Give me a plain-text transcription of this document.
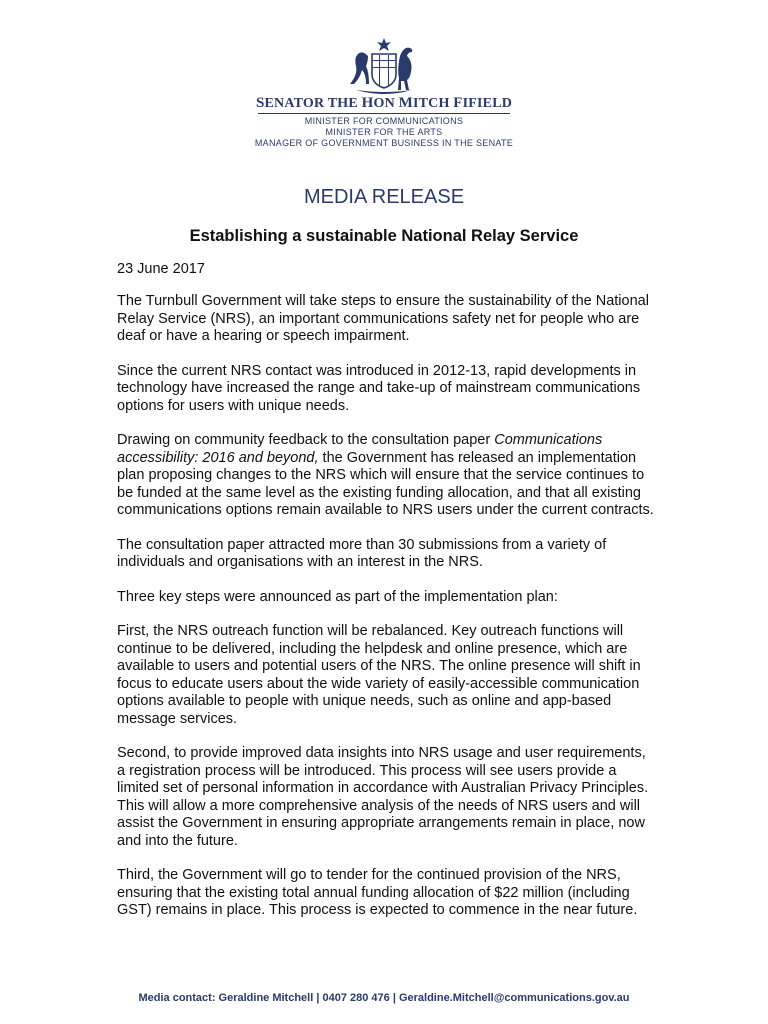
SENATOR THE HON MITCH FIFIELD
MINISTER FOR COMMUNICATIONS
MINISTER FOR THE ARTS
MANAGER OF GOVERNMENT BUSINESS IN THE SENATE
MEDIA RELEASE
Establishing a sustainable National Relay Service
23 June 2017

The Turnbull Government will take steps to ensure the sustainability of the National Relay Service (NRS), an important communications safety net for people who are deaf or have a hearing or speech impairment.

Since the current NRS contact was introduced in 2012-13, rapid developments in technology have increased the range and take-up of mainstream communications options for users with unique needs.

Drawing on community feedback to the consultation paper Communications accessibility: 2016 and beyond, the Government has released an implementation plan proposing changes to the NRS which will ensure that the service continues to be funded at the same level as the existing funding allocation, and that all existing communications options remain available to NRS users under the current contracts.

The consultation paper attracted more than 30 submissions from a variety of individuals and organisations with an interest in the NRS.

Three key steps were announced as part of the implementation plan:

First, the NRS outreach function will be rebalanced. Key outreach functions will continue to be delivered, including the helpdesk and online presence, which are available to users and potential users of the NRS. The online presence will shift in focus to educate users about the wide variety of easily-accessible communication options available to people with unique needs, such as online and app-based message services.

Second, to provide improved data insights into NRS usage and user requirements, a registration process will be introduced. This process will see users provide a limited set of personal information in accordance with Australian Privacy Principles. This will allow a more comprehensive analysis of the needs of NRS users and will assist the Government in ensuring appropriate arrangements remain in place, now and into the future.

Third, the Government will go to tender for the continued provision of the NRS, ensuring that the existing total annual funding allocation of $22 million (including GST) remains in place. This process is expected to commence in the near future.

Media contact: Geraldine Mitchell | 0407 280 476 | Geraldine.Mitchell@communications.gov.au
